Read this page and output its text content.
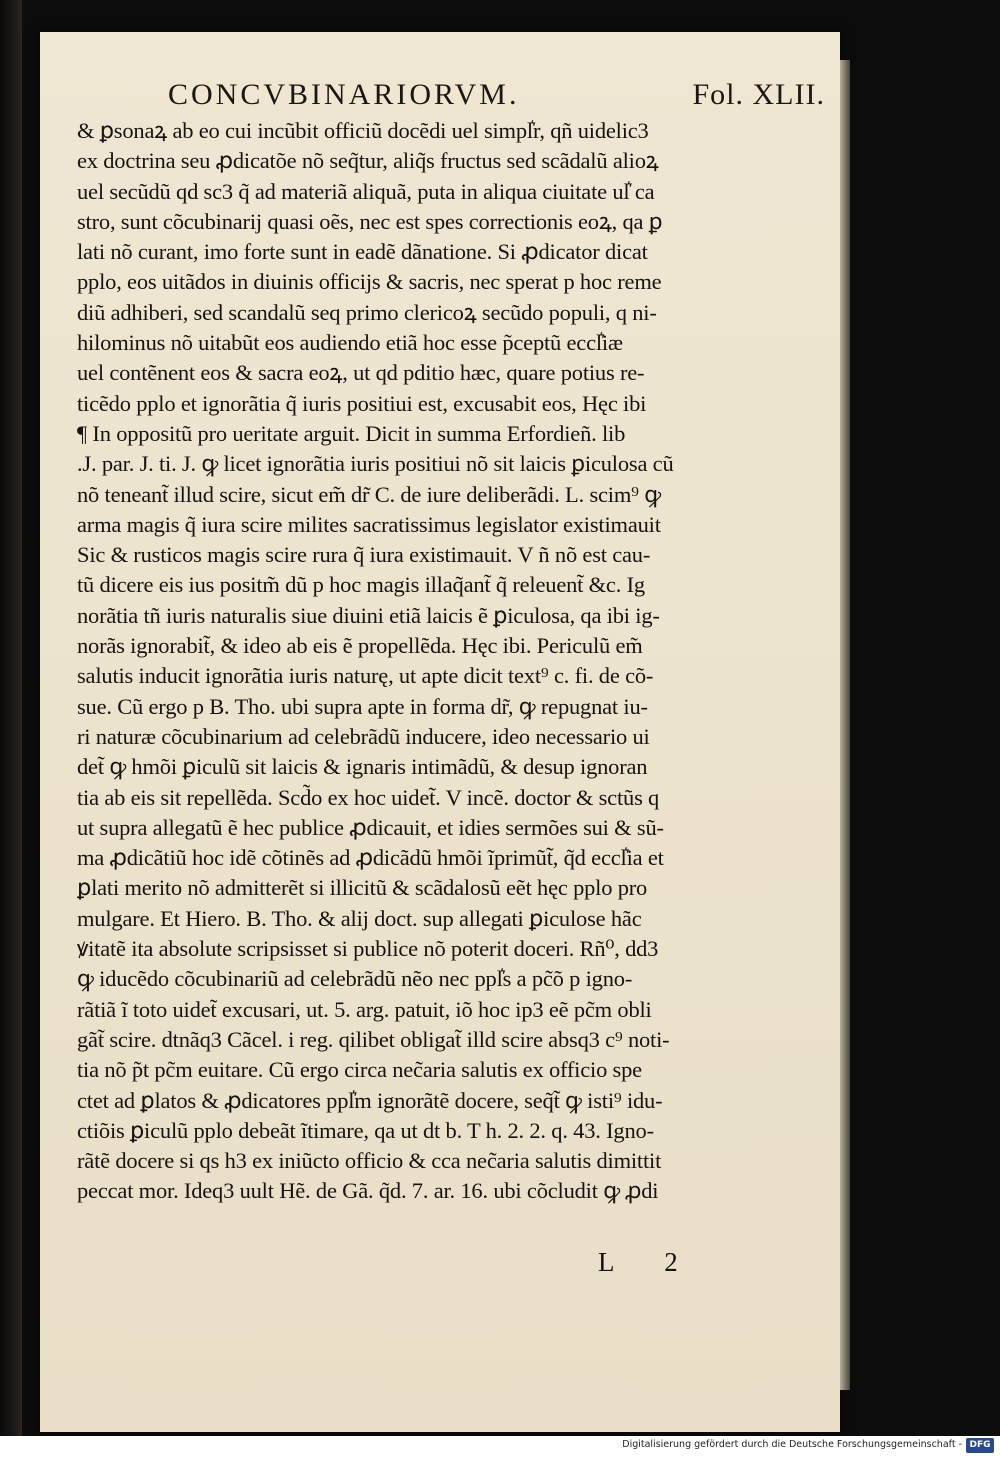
CONCVBINARIORVM.	Fol. XLII.
& ꝑsonaꝝ ab eo cui incũbit officiũ docẽdi uel simpl͛r, qñ uidelic3
ex doctrina seu ꝓdicatõe nõ seq̃tur, aliq̃s fructus sed scãdalũ alioꝝ
uel secũdũ qd sc3 q̃ ad materiã aliquã, puta in aliqua ciuitate ul͛ ca
stro, sunt cõcubinarij quasi oẽs, nec est spes correctionis eoꝝ, qa ꝑ
lati nõ curant, imo forte sunt in eadẽ dãnatione. Si ꝓdicator dicat
pplo, eos uitãdos in diuinis officijs & sacris, nec sperat p hoc reme
diũ adhiberi, sed scandalũ seq primo clericoꝝ secũdo populi, q ni-
hilominus nõ uitabũt eos audiendo etiã hoc esse p̃ceptũ eccl͛iæ
uel contẽnent eos & sacra eoꝝ, ut qd pditio hæc, quare potius re-
ticẽdo pplo et ignorãtia q̃ iuris positiui est, excusabit eos, Hęc ibi
¶ In oppositũ pro ueritate arguit. Dicit in summa Erfordieñ. lib
.J. par. J. ti. J. ꝙ licet ignorãtia iuris positiui nõ sit laicis ꝑiculosa cũ
nõ teneant̃ illud scire, sicut em̃ dr̃ C. de iure deliberãdi. L. scim⁹ ꝙ
arma magis q̃ iura scire milites sacratissimus legislator existimauit
Sic & rusticos magis scire rura q̃ iura existimauit. V ñ nõ est cau-
tũ dicere eis ius positm̃ dũ p hoc magis illaq̃ant̃ q̃ releuent̃ &c. Ig
norãtia tñ iuris naturalis siue diuini etiã laicis ẽ ꝑiculosa, qa ibi ig-
norãs ignorabit̃, & ideo ab eis ẽ propellẽda. Hęc ibi. Periculũ em̃
salutis inducit ignorãtia iuris naturę, ut apte dicit text⁹ c. fi. de cõ-
sue. Cũ ergo p B. Tho. ubi supra apte in forma dr̃, ꝙ repugnat iu-
ri naturæ cõcubinarium ad celebrãdũ inducere, ideo necessario ui
det̃ ꝙ hmõi ꝑiculũ sit laicis & ignaris intimãdũ, & desup ignoran
tia ab eis sit repellẽda. Scd̃o ex hoc uidet̃. V incẽ. doctor & sctũs q
ut supra allegatũ ẽ hec publice ꝓdicauit, et idies sermões sui & sũ-
ma ꝓdicãtiũ hoc idẽ cõtinẽs ad ꝓdicãdũ hmõi ĩprimũt̃, q̃d eccl͛ia et
ꝑlati merito nõ admitterẽt si illicitũ & scãdalosũ eẽt hęc pplo pro
mulgare. Et Hiero. B. Tho. & alij doct. sup allegati ꝑiculose hãc
ꝟitatẽ ita absolute scripsisset si publice nõ poterit doceri. Rñ⁰, dd3
ꝙ iducẽdo cõcubinariũ ad celebrãdũ nẽo nec ppl͛s a pc̃õ p igno-
rãtiã ĩ toto uidet̃ excusari, ut. 5. arg. patuit, iõ hoc ip3 eẽ pc̃m obli
gãt̃ scire. dtnãq3 Cãcel. i reg. qilibet obligat̃ illd scire absq3 c⁹ noti-
tia nõ p̃t pc̃m euitare. Cũ ergo circa nec̃aria salutis ex officio spe
ctet ad ꝑlatos & ꝓdicatores ppl͛m ignorãtẽ docere, seq̃t̃ ꝙ isti⁹ idu-
ctiõis ꝑiculũ pplo debeãt ĩtimare, qa ut dt b. T h. 2. 2. q. 43. Igno-
rãtẽ docere si qs h3 ex iniũcto officio & cca nec̃aria salutis dimittit
peccat mor. Ideq3 uult Hẽ. de Gã. q̃d. 7. ar. 16. ubi cõcludit ꝙ ꝓdi
L 2
Digitalisierung gefördert durch die Deutsche Forschungsgemeinschaft - DFG
